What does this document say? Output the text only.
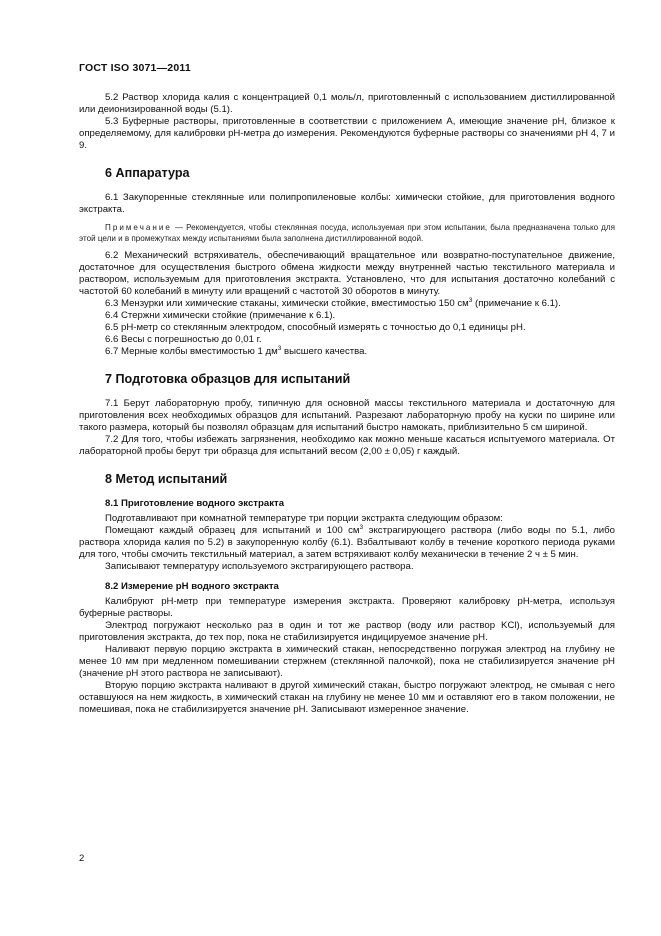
ГОСТ ISO 3071—2011

5.2 Раствор хлорида калия с концентрацией 0,1 моль/л, приготовленный с использованием дистиллированной или деионизированной воды (5.1).

5.3 Буферные растворы, приготовленные в соответствии с приложением А, имеющие значение pH, близкое к определяемому, для калибровки pH-метра до измерения. Рекомендуются буферные растворы со значениями pH 4, 7 и 9.

6 Аппаратура

6.1 Закупоренные стеклянные или полипропиленовые колбы: химически стойкие, для приготовления водного экстракта.

Примечание — Рекомендуется, чтобы стеклянная посуда, используемая при этом испытании, была предназначена только для этой цели и в промежутках между испытаниями была заполнена дистиллированной водой.

6.2 Механический встряхиватель, обеспечивающий вращательное или возвратно-поступательное движение, достаточное для осуществления быстрого обмена жидкости между внутренней частью текстильного материала и раствором, используемым для приготовления экстракта. Установлено, что для испытания достаточно колебаний с частотой 60 колебаний в минуту или вращений с частотой 30 оборотов в минуту.

6.3 Мензурки или химические стаканы, химически стойкие, вместимостью 150 $см^3$ (примечание к 6.1).

6.4 Стержни химически стойкие (примечание к 6.1).

6.5 pH-метр со стеклянным электродом, способный измерять с точностью до 0,1 единицы pH.

6.6 Весы с погрешностью до 0,01 г.

6.7 Мерные колбы вместимостью 1 $дм^3$ высшего качества.

7 Подготовка образцов для испытаний

7.1 Берут лабораторную пробу, типичную для основной массы текстильного материала и достаточную для приготовления всех необходимых образцов для испытаний. Разрезают лабораторную пробу на куски по ширине или такого размера, который бы позволял образцам для испытаний быстро намокать, приблизительно 5 см шириной.

7.2 Для того, чтобы избежать загрязнения, необходимо как можно меньше касаться испытуемого материала. От лабораторной пробы берут три образца для испытаний весом (2,00 ± 0,05) г каждый.

8 Метод испытаний
8.1 Приготовление водного экстракта

Подготавливают при комнатной температуре три порции экстракта следующим образом:

Помещают каждый образец для испытаний и 100 $см^3$ экстрагирующего раствора (либо воды по 5.1, либо раствора хлорида калия по 5.2) в закупоренную колбу (6.1). Взбалтывают колбу в течение короткого периода руками для того, чтобы смочить текстильный материал, а затем встряхивают колбу механически в течение 2 ч ± 5 мин.

Записывают температуру используемого экстрагирующего раствора.

8.2 Измерение pH водного экстракта

Калибруют pH-метр при температуре измерения экстракта. Проверяют калибровку pH-метра, используя буферные растворы.

Электрод погружают несколько раз в один и тот же раствор (воду или раствор KCl), используемый для приготовления экстракта, до тех пор, пока не стабилизируется индицируемое значение pH.

Наливают первую порцию экстракта в химический стакан, непосредственно погружая электрод на глубину не менее 10 мм при медленном помешивании стержнем (стеклянной палочкой), пока не стабилизируется значение pH (значение pH этого раствора не записывают).

Вторую порцию экстракта наливают в другой химический стакан, быстро погружают электрод, не смывая с него оставшуюся на нем жидкость, в химический стакан на глубину не менее 10 мм и оставляют его в таком положении, не помешивая, пока не стабилизируется значение pH. Записывают измеренное значение.

2
